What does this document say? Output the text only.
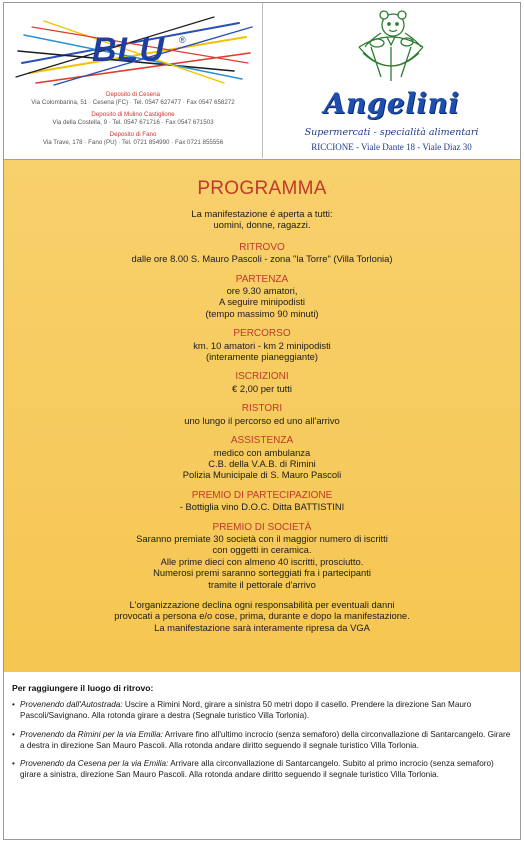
BLU ®
Deposito di Cesena
Via Colombarina, 51 · Cesena (FC) · Tel. 0547 627477 · Fax 0547 658272
Deposito di Mulino Castiglione
Via della Costella, 9 · Tel. 0547 671716 · Fax 0547 671503
Deposito di Fano
Via Trave, 178 · Fano (PU) · Tel. 0721 854990 · Fax 0721 855556
Angelini
Supermercati - specialità alimentari
RICCIONE - Viale Dante 18 - Viale Diaz 30
PROGRAMMA
La manifestazione é aperta a tutti:
uomini, donne, ragazzi.
RITROVO
dalle ore 8.00 S. Mauro Pascoli - zona "la Torre" (Villa Torlonia)
PARTENZA
ore 9.30 amatori,
A seguire minipodisti
(tempo massimo 90 minuti)
PERCORSO
km. 10 amatori - km 2 minipodisti
(interamente pianeggiante)
ISCRIZIONI
€ 2,00 per tutti
RISTORI
uno lungo il percorso ed uno all'arrivo
ASSISTENZA
medico con ambulanza
C.B. della V.A.B. di Rimini
Polizia Municipale di S. Mauro Pascoli
PREMIO DI PARTECIPAZIONE
- Bottiglia vino D.O.C. Ditta BATTISTINI
PREMIO DI SOCIETÀ
Saranno premiate 30 società con il maggior numero di iscritti
con oggetti in ceramica.
Alle prime dieci con almeno 40 iscritti, prosciutto.
Numerosi premi saranno sorteggiati fra i partecipanti
tramite il pettorale d'arrivo
L'organizzazione declina ogni responsabilità per eventuali danni
provocati a persona e/o cose, prima, durante e dopo la manifestazione.
La manifestazione sarà interamente ripresa da VGA
Per raggiungere il luogo di ritrovo:
• Provenendo dall'Autostrada: Uscire a Rimini Nord, girare a sinistra 50 metri dopo il casello. Prendere la direzione San Mauro Pascoli/Savignano. Alla rotonda girare a destra (Segnale turistico Villa Torlonia).
• Provenendo da Rimini per la via Emilia: Arrivare fino all'ultimo incrocio (senza semaforo) della circonvallazione di Santarcangelo. Girare a destra in direzione San Mauro Pascoli. Alla rotonda andare diritto seguendo il segnale turistico Villa Torlonia.
• Provenendo da Cesena per la via Emilia: Arrivare alla circonvallazione di Santarcangelo. Subito al primo incrocio (senza semaforo) girare a sinistra, direzione San Mauro Pascoli. Alla rotonda andare diritto seguendo il segnale turistico Villa Torlonia.
